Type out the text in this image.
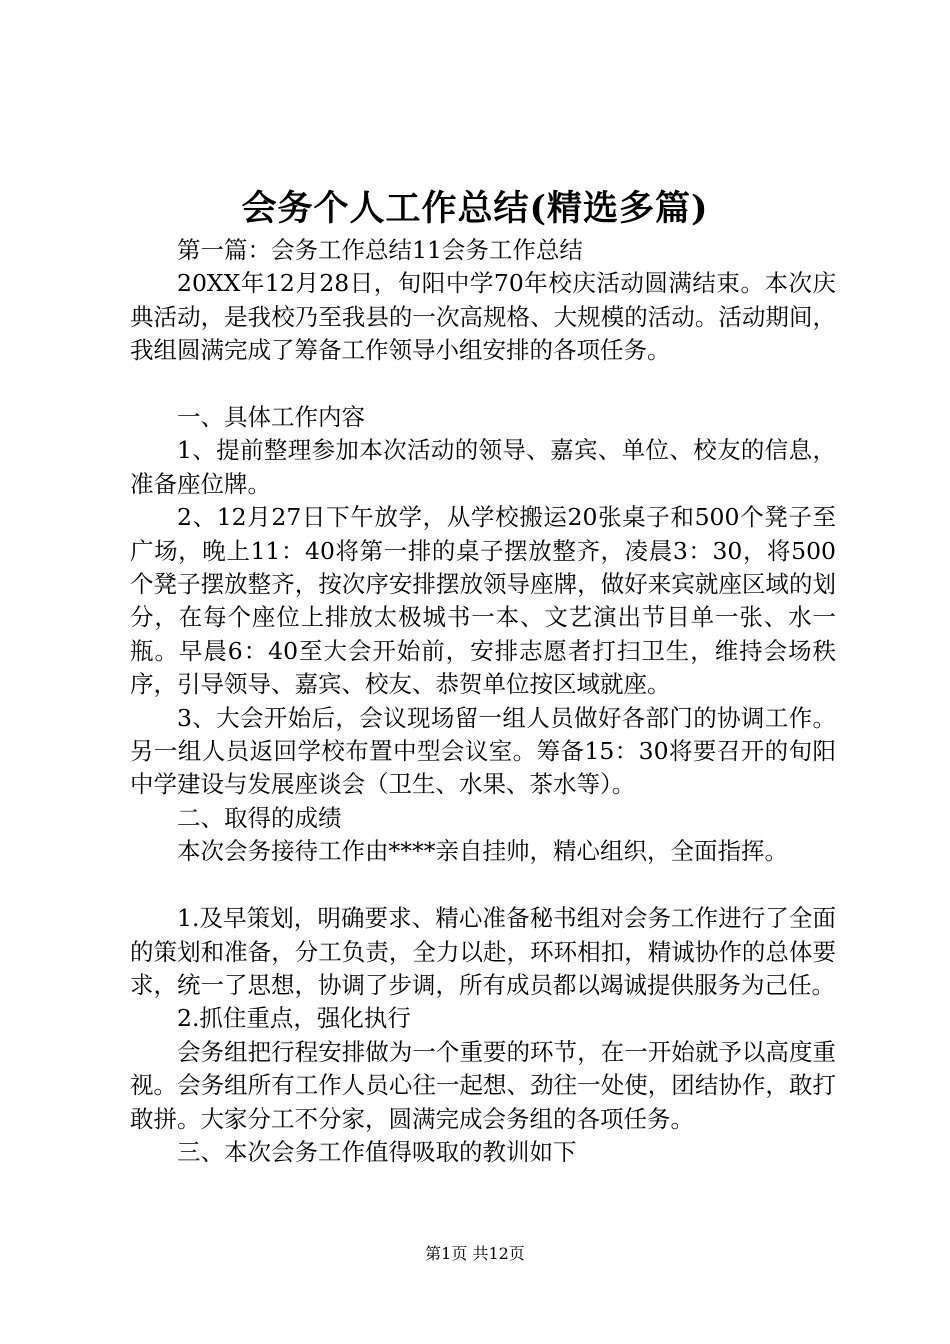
会务个人工作总结(精选多篇)

第一篇：会务工作总结11会务工作总结

20XX年12月28日，旬阳中学70年校庆活动圆满结束。本次庆典活动，是我校乃至我县的一次高规格、大规模的活动。活动期间，我组圆满完成了筹备工作领导小组安排的各项任务。

一、具体工作内容

1、提前整理参加本次活动的领导、嘉宾、单位、校友的信息，准备座位牌。

2、12月27日下午放学，从学校搬运20张桌子和500个凳子至广场，晚上11：40将第一排的桌子摆放整齐，凌晨3：30，将500个凳子摆放整齐，按次序安排摆放领导座牌，做好来宾就座区域的划分，在每个座位上排放太极城书一本、文艺演出节目单一张、水一瓶。早晨6：40至大会开始前，安排志愿者打扫卫生，维持会场秩序，引导领导、嘉宾、校友、恭贺单位按区域就座。

3、大会开始后，会议现场留一组人员做好各部门的协调工作。另一组人员返回学校布置中型会议室。筹备15：30将要召开的旬阳中学建设与发展座谈会（卫生、水果、茶水等）。

二、取得的成绩

本次会务接待工作由****亲自挂帅，精心组织，全面指挥。

1.及早策划，明确要求、精心准备秘书组对会务工作进行了全面的策划和准备，分工负责，全力以赴，环环相扣，精诚协作的总体要求，统一了思想，协调了步调，所有成员都以竭诚提供服务为己任。

2.抓住重点，强化执行

会务组把行程安排做为一个重要的环节，在一开始就予以高度重视。会务组所有工作人员心往一起想、劲往一处使，团结协作，敢打敢拼。大家分工不分家，圆满完成会务组的各项任务。

三、本次会务工作值得吸取的教训如下

第1页 共12页
